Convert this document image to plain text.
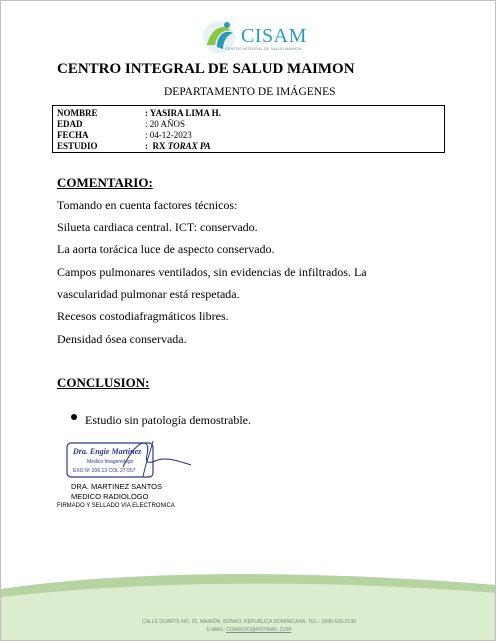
CISAM
CENTRO INTEGRAL DE SALUD MAIMON
CENTRO INTEGRAL DE SALUD MAIMON
DEPARTAMENTO DE IMÁGENES
NOMBRE	: YASIRA LIMA H.
EDAD	: 20 AÑOS
FECHA	: 04-12-2023
ESTUDIO	:  RX TORAX PA
COMENTARIO:
Tomando en cuenta factores técnicos:
Silueta cardiaca central. ICT: conservado.
La aorta torácica luce de aspecto conservado.
Campos pulmonares ventilados, sin evidencias de infiltrados. La
vascularidad pulmonar está respetada.
Recesos costodiafragmáticos libres.
Densidad ósea conservada.
CONCLUSION:
Estudio sin patología demostrable.
Dra. Engie Martinez
Medico Imagenologo
EXO Nº 206 13 COL 27-557
DRA. MARTINEZ SANTOS
MEDICO RADIOLOGO
FIRMADO Y SELLADO VIA ELECTRONICA
CALLE DUARTE NO. 15, MAIMÓN, BONAO, REPUBLICA DOMINICANA, TEL.: (809)-525-2198
E-MAIL: CISAM.DO@HOTMAIL.COM
